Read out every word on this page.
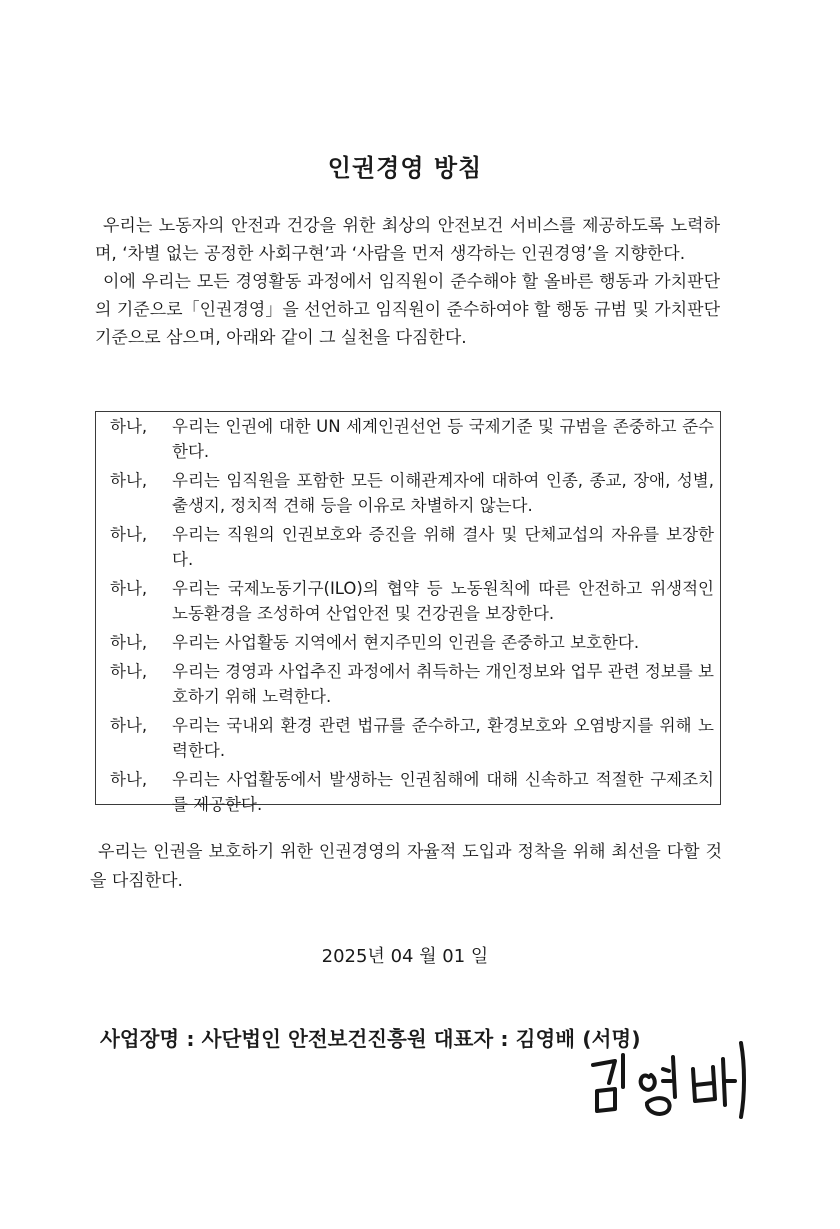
인권경영 방침

우리는 노동자의 안전과 건강을 위한 최상의 안전보건 서비스를 제공하도록 노력하며, ‘차별 없는 공정한 사회구현’과 ‘사람을 먼저 생각하는 인권경영’을 지향한다.

이에 우리는 모든 경영활동 과정에서 임직원이 준수해야 할 올바른 행동과 가치판단의 기준으로「인권경영」을 선언하고 임직원이 준수하여야 할 행동 규범 및 가치판단 기준으로 삼으며, 아래와 같이 그 실천을 다짐한다.

하나,	우리는 인권에 대한 UN 세계인권선언 등 국제기준 및 규범을 존중하고 준수한다.
하나,	우리는 임직원을 포함한 모든 이해관계자에 대하여 인종, 종교, 장애, 성별, 출생지, 정치적 견해 등을 이유로 차별하지 않는다.
하나,	우리는 직원의 인권보호와 증진을 위해 결사 및 단체교섭의 자유를 보장한다.
하나,	우리는 국제노동기구(ILO)의 협약 등 노동원칙에 따른 안전하고 위생적인 노동환경을 조성하여 산업안전 및 건강권을 보장한다.
하나,	우리는 사업활동 지역에서 현지주민의 인권을 존중하고 보호한다.
하나,	우리는 경영과 사업추진 과정에서 취득하는 개인정보와 업무 관련 정보를 보호하기 위해 노력한다.
하나,	우리는 국내외 환경 관련 법규를 준수하고, 환경보호와 오염방지를 위해 노력한다.
하나,	우리는 사업활동에서 발생하는 인권침해에 대해 신속하고 적절한 구제조치를 제공한다.
우리는 인권을 보호하기 위한 인권경영의 자율적 도입과 정착을 위해 최선을 다할 것을 다짐한다.
2025년 04 월 01 일
사업장명 : 사단법인 안전보건진흥원 대표자 : 김영배 (서명)
